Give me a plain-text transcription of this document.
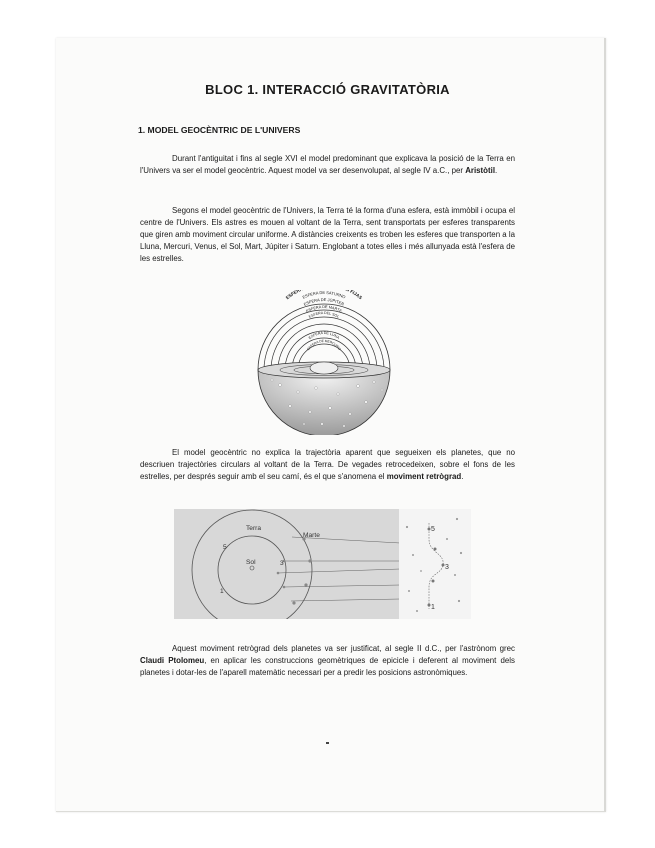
BLOC 1. INTERACCIÓ GRAVITATÒRIA
1. MODEL GEOCÈNTRIC DE L'UNIVERS

Durant l'antiguitat i fins al segle XVI el model predominant que explicava la posició de la Terra en l'Univers va ser el model geocèntric. Aquest model va ser desenvolupat, al segle IV a.C., per Aristòtil.

Segons el model geocèntric de l'Univers, la Terra té la forma d'una esfera, està immòbil i ocupa el centre de l'Univers. Els astres es mouen al voltant de la Terra, sent transportats per esferes transparents que giren amb moviment circular uniforme. A distàncies creixents es troben les esferes que transporten a la Lluna, Mercuri, Venus, el Sol, Mart, Júpiter i Saturn. Englobant a totes elles i més allunyada està l'esfera de les estrelles.

ESFER FIJAS
ESFERA DE SATURNO
ESFERA DE JÚPITER
ESFERA DE MARTE
ESFERA DEL SOL
ESFERA DE LUNA
ESFERA DE MERCURIO

El model geocèntric no explica la trajectòria aparent que segueixen els planetes, que no descriuen trajectòries circulars al voltant de la Terra. De vegades retrocedeixen, sobre el fons de les estrelles, per després seguir amb el seu camí, és el que s'anomena el moviment retrògrad.

Terra
Marte
Sol
5
3
1
5
3
1

Aquest moviment retrògrad dels planetes va ser justificat, al segle II d.C., per l'astrònom grec Claudi Ptolomeu, en aplicar les construccions geomètriques de epicicle i deferent al moviment dels planetes i dotar-les de l'aparell matemàtic necessari per a predir les posicions astronòmiques.
